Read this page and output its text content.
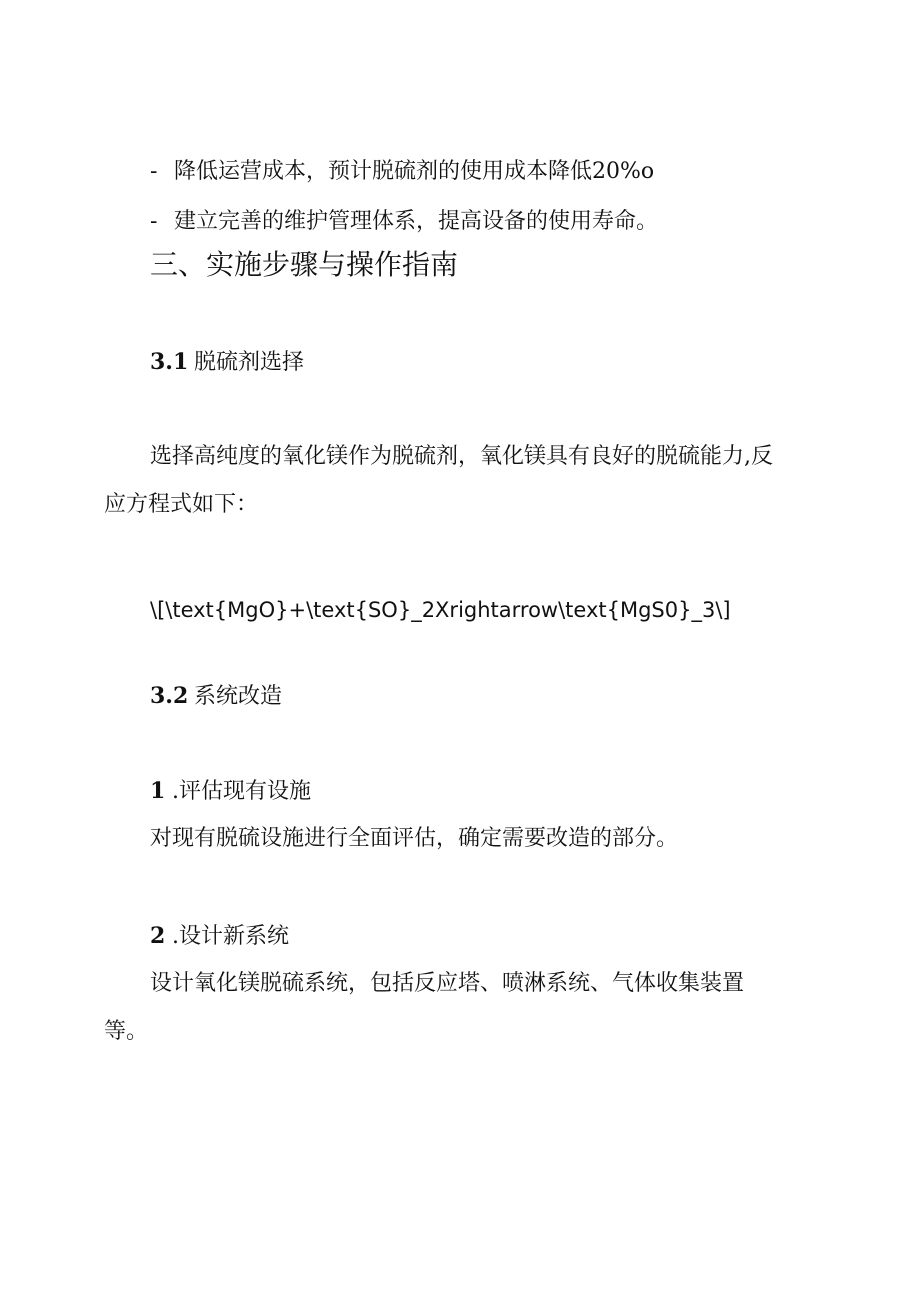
- 降低运营成本，预计脱硫剂的使用成本降低20%o
- 建立完善的维护管理体系，提高设备的使用寿命。
三、实施步骤与操作指南
3.1 脱硫剂选择
选择高纯度的氧化镁作为脱硫剂，氧化镁具有良好的脱硫能力,反
应方程式如下：
\[\text{MgO}+\text{SO}_2Xrightarrow\text{MgS0}_3\]
3.2 系统改造
1 .评估现有设施
对现有脱硫设施进行全面评估，确定需要改造的部分。
2 .设计新系统
设计氧化镁脱硫系统，包括反应塔、喷淋系统、气体收集装置
等。
